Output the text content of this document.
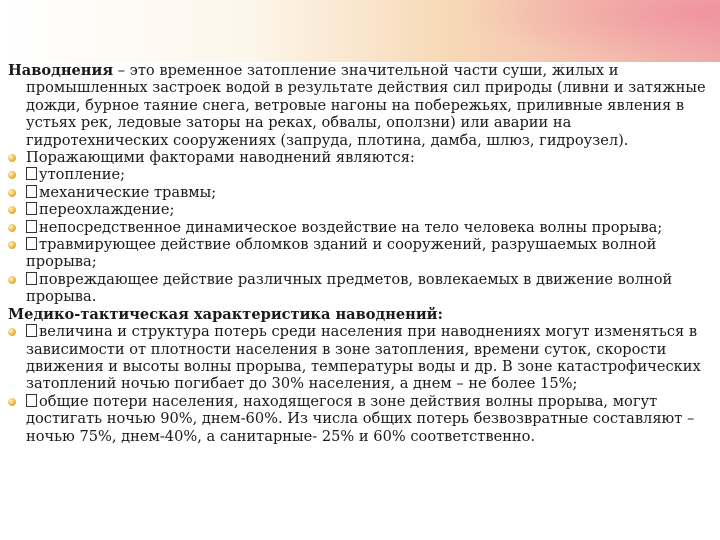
Наводнения – это временное затопление значительной части суши, жилых и промышленных застроек водой в результате действия сил природы (ливни и затяжные дожди, бурное таяние снега, ветровые нагоны на побережьях, приливные явления в устьях рек, ледовые заторы на реках, обвалы, оползни) или аварии на гидротехнических сооружениях (запруда, плотина, дамба, шлюз, гидроузел).

Поражающими факторами наводнений являются:

утопление;

механические травмы;

переохлаждение;

непосредственное динамическое воздействие на тело человека волны прорыва;

травмирующее действие обломков зданий и сооружений, разрушаемых волной прорыва;

повреждающее действие различных предметов, вовлекаемых в движение волной прорыва.

Медико-тактическая характеристика наводнений:

величина и структура потерь среди населения при наводнениях могут изменяться в зависимости от плотности населения в зоне затопления, времени суток, скорости движения и высоты волны прорыва, температуры воды и др. В зоне катастрофических затоплений ночью погибает до 30% населения, а днем – не более 15%;

общие потери населения, находящегося в зоне действия волны прорыва, могут достигать ночью 90%, днем-60%. Из числа общих потерь безвозвратные составляют – ночью 75%, днем-40%, а санитарные- 25% и 60% соответственно.
